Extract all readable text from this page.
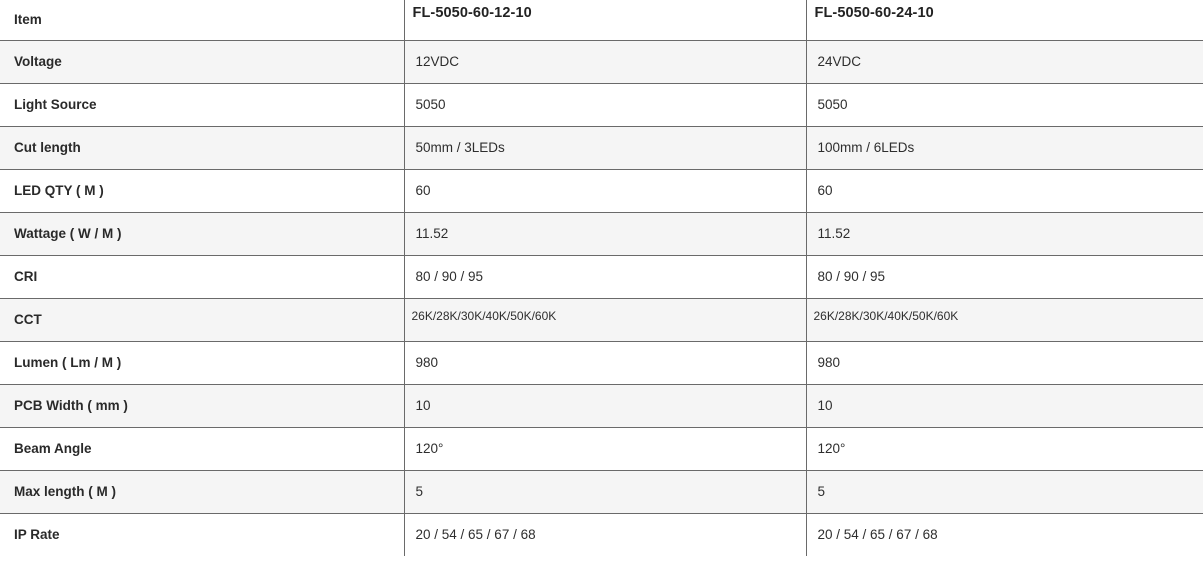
Item	FL-5050-60-12-10	FL-5050-60-24-10
Voltage	12VDC	24VDC
Light Source	5050	5050
Cut length	50mm / 3LEDs	100mm / 6LEDs
LED QTY ( M )	60	60
Wattage ( W / M )	11.52	11.52
CRI	80 / 90 / 95	80 / 90 / 95
CCT	26K/28K/30K/40K/50K/60K	26K/28K/30K/40K/50K/60K
Lumen ( Lm / M )	980	980
PCB Width ( mm )	10	10
Beam Angle	120°	120°
Max length ( M )	5	5
IP Rate	20 / 54 / 65 / 67 / 68	20 / 54 / 65 / 67 / 68
